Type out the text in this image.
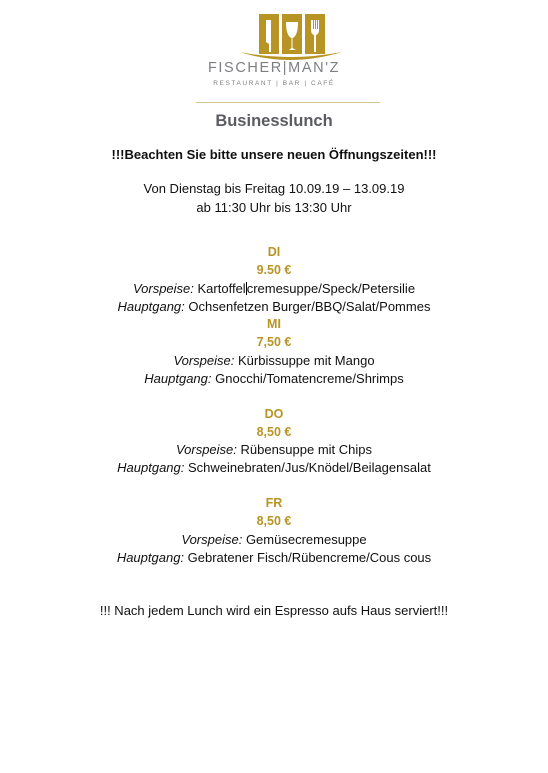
FISCHER|MAN'Z
RESTAURANT | BAR | CAFÉ
Businesslunch
!!!Beachten Sie bitte unsere neuen Öffnungszeiten!!!
Von Dienstag bis Freitag 10.09.19 – 13.09.19
ab 11:30 Uhr bis 13:30 Uhr
DI
9.50 €
Vorspeise: Kartoffelcremesuppe/Speck/Petersilie
Hauptgang: Ochsenfetzen Burger/BBQ/Salat/Pommes
MI
7,50 €
Vorspeise: Kürbissuppe mit Mango
Hauptgang: Gnocchi/Tomatencreme/Shrimps
DO
8,50 €
Vorspeise: Rübensuppe mit Chips
Hauptgang: Schweinebraten/Jus/Knödel/Beilagensalat
FR
8,50 €
Vorspeise: Gemüsecremesuppe
Hauptgang: Gebratener Fisch/Rübencreme/Cous cous
!!! Nach jedem Lunch wird ein Espresso aufs Haus serviert!!!
